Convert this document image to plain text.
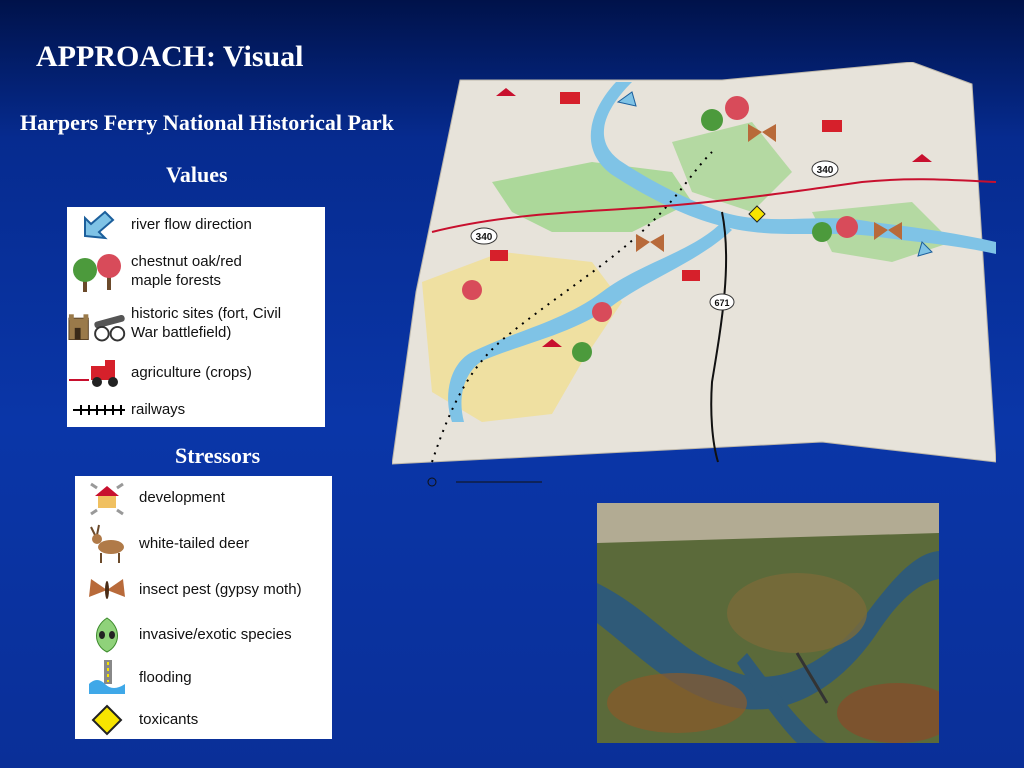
APPROACH: Visual
Harpers Ferry National Historical Park
Values
river flow direction
chestnut oak/red maple forests
historic sites (fort, Civil War battlefield)
agriculture (crops)
railways
Stressors
development
white-tailed deer
insect pest (gypsy moth)
invasive/exotic species
flooding
toxicants
340
340
671
